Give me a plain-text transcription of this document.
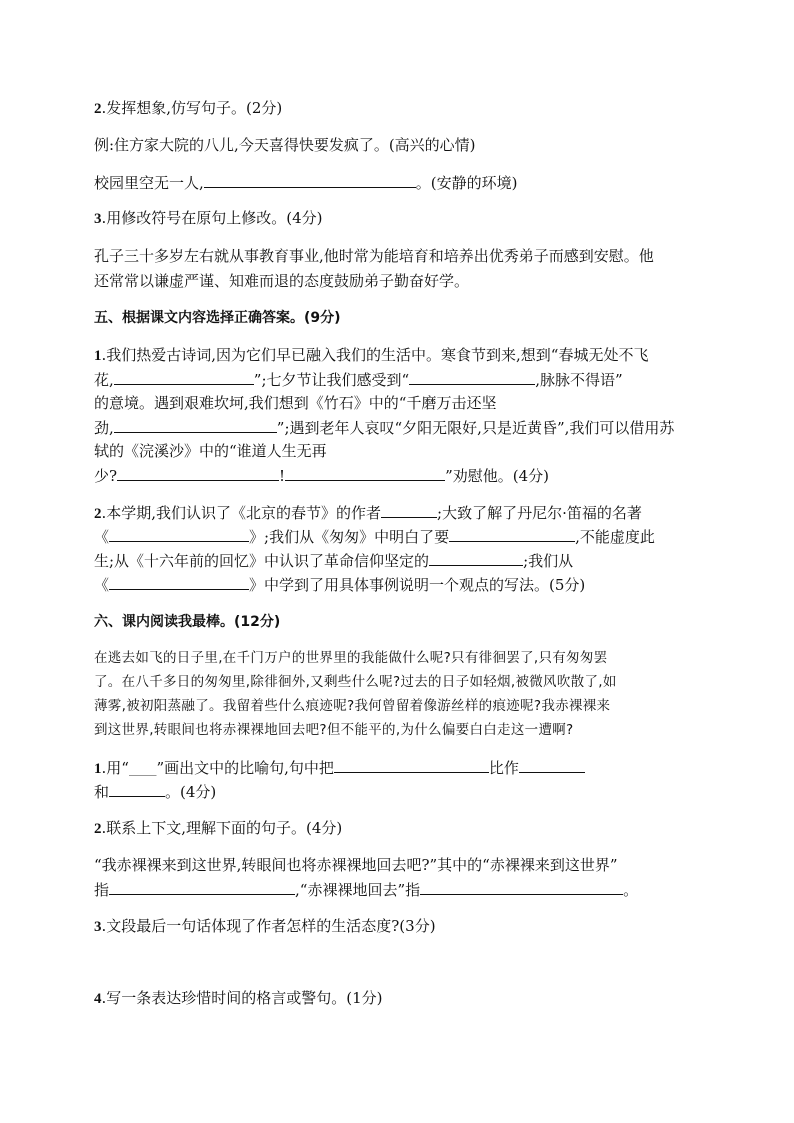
2.发挥想象,仿写句子。(2分)
例:住方家大院的八儿,今天喜得快要发疯了。(高兴的心情)
校园里空无一人,	。(安静的环境)
3.用修改符号在原句上修改。(4分)
孔子三十多岁左右就从事教育事业,他时常为能培育和培养出优秀弟子而感到安慰。他
还常常以谦虚严谨、知难而退的态度鼓励弟子勤奋好学。
五、根据课文内容选择正确答案。(9分)
1.我们热爱古诗词,因为它们早已融入我们的生活中。寒食节到来,想到“春城无处不飞
花,	”;七夕节让我们感受到“	,脉脉不得语”
的意境。遇到艰难坎坷,我们想到《竹石》中的“千磨万击还坚
劲,	”;遇到老年人哀叹“夕阳无限好,只是近黄昏”,我们可以借用苏
轼的《浣溪沙》中的“谁道人生无再
少?	!	”劝慰他。(4分)
2.本学期,我们认识了《北京的春节》的作者	;大致了解了丹尼尔·笛福的名著
《	》;我们从《匆匆》中明白了要	,不能虚度此
生;从《十六年前的回忆》中认识了革命信仰坚定的	;我们从
《	》中学到了用具体事例说明一个观点的写法。(5分)
六、课内阅读我最棒。(12分)
在逃去如飞的日子里,在千门万户的世界里的我能做什么呢?只有徘徊罢了,只有匆匆罢
了。在八千多日的匆匆里,除徘徊外,又剩些什么呢?过去的日子如轻烟,被微风吹散了,如
薄雾,被初阳蒸融了。我留着些什么痕迹呢?我何曾留着像游丝样的痕迹呢?我赤裸裸来
到这世界,转眼间也将赤裸裸地回去吧?但不能平的,为什么偏要白白走这一遭啊?
1.用“_____”画出文中的比喻句,句中把	比作
和	。(4分)
2.联系上下文,理解下面的句子。(4分)
“我赤裸裸来到这世界,转眼间也将赤裸裸地回去吧?”其中的“赤裸裸来到这世界”
指	,“赤裸裸地回去”指	。
3.文段最后一句话体现了作者怎样的生活态度?(3分)
4.写一条表达珍惜时间的格言或警句。(1分)
